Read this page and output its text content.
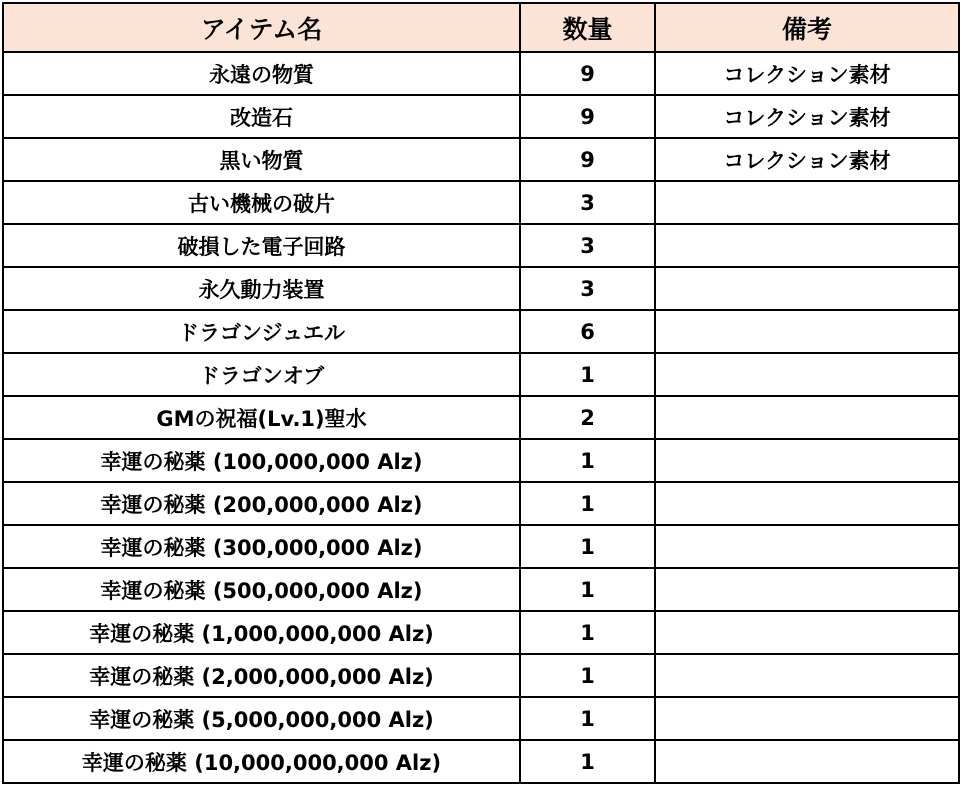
アイテム名	数量	備考
永遠の物質	9	コレクション素材
改造石	9	コレクション素材
黒い物質	9	コレクション素材
古い機械の破片	3	
破損した電子回路	3	
永久動力装置	3	
ドラゴンジュエル	6	
ドラゴンオブ	1	
GMの祝福(Lv.1)聖水	2	
幸運の秘薬 (100,000,000 Alz)	1	
幸運の秘薬 (200,000,000 Alz)	1	
幸運の秘薬 (300,000,000 Alz)	1	
幸運の秘薬 (500,000,000 Alz)	1	
幸運の秘薬 (1,000,000,000 Alz)	1	
幸運の秘薬 (2,000,000,000 Alz)	1	
幸運の秘薬 (5,000,000,000 Alz)	1	
幸運の秘薬 (10,000,000,000 Alz)	1	
